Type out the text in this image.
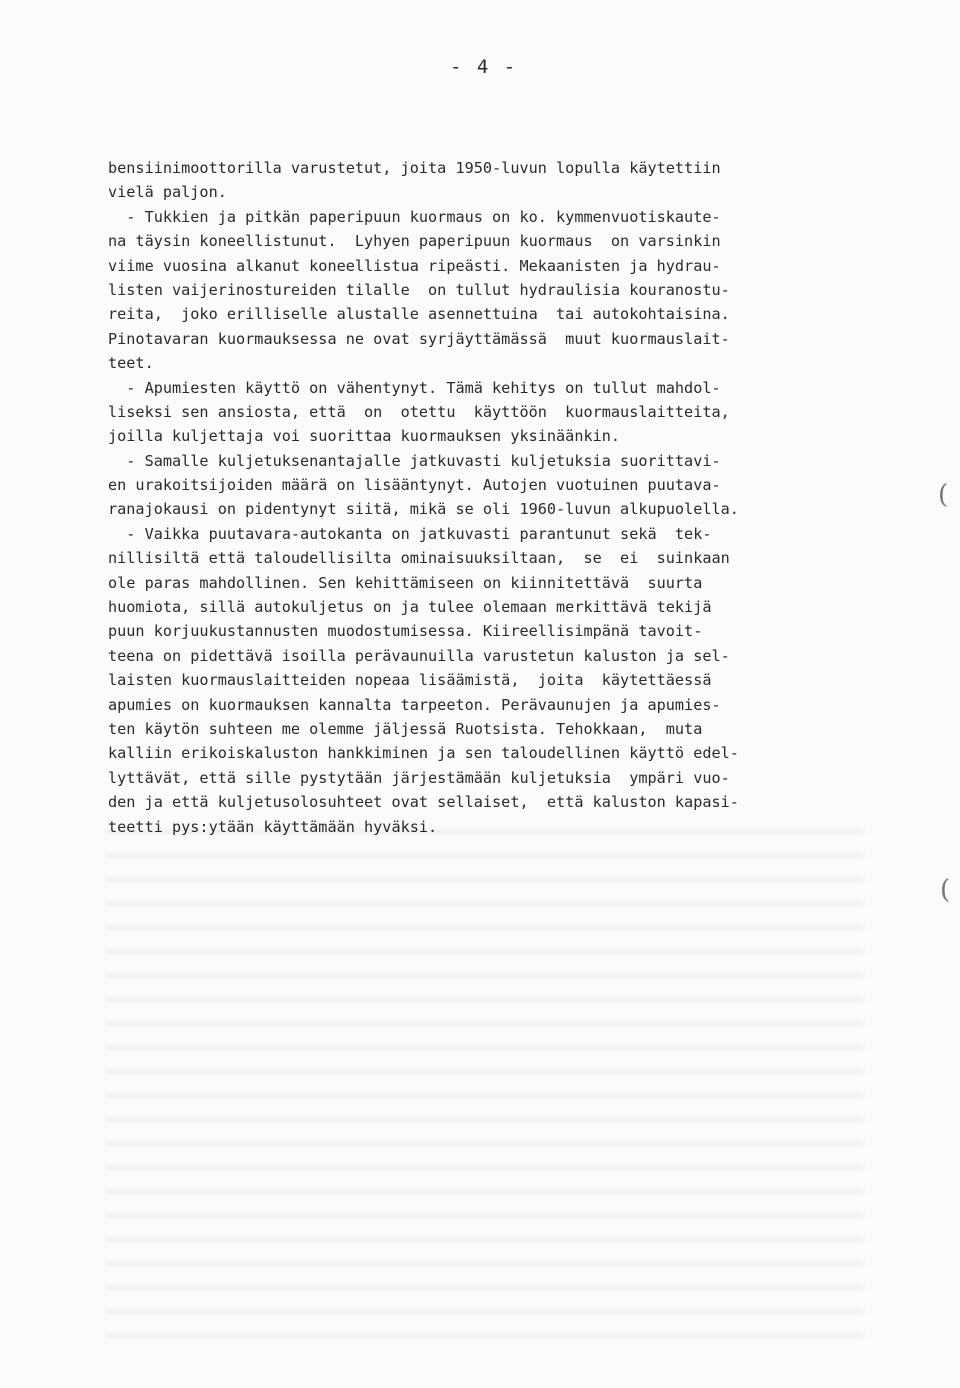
- 4 -
bensiinimoottorilla varustetut, joita 1950-luvun lopulla käytettiin
vielä paljon.
- Tukkien ja pitkän paperipuun kuormaus on ko. kymmenvuotiskaute-
na täysin koneellistunut.  Lyhyen paperipuun kuormaus  on varsinkin
viime vuosina alkanut koneellistua ripeästi. Mekaanisten ja hydrau-
listen vaijerinostureiden tilalle  on tullut hydraulisia kouranostu-
reita,  joko erilliselle alustalle asennettuina  tai autokohtaisina.
Pinotavaran kuormauksessa ne ovat syrjäyttämässä  muut kuormauslait-
teet.
- Apumiesten käyttö on vähentynyt. Tämä kehitys on tullut mahdol-
liseksi sen ansiosta, että  on  otettu  käyttöön  kuormauslaitteita,
joilla kuljettaja voi suorittaa kuormauksen yksinäänkin.
- Samalle kuljetuksenantajalle jatkuvasti kuljetuksia suorittavi-
en urakoitsijoiden määrä on lisääntynyt. Autojen vuotuinen puutava-
ranajokausi on pidentynyt siitä, mikä se oli 1960-luvun alkupuolella.
- Vaikka puutavara-autokanta on jatkuvasti parantunut sekä  tek-
nillisiltä että taloudellisilta ominaisuuksiltaan,  se  ei  suinkaan
ole paras mahdollinen. Sen kehittämiseen on kiinnitettävä  suurta
huomiota, sillä autokuljetus on ja tulee olemaan merkittävä tekijä
puun korjuukustannusten muodostumisessa. Kiireellisimpänä tavoit-
teena on pidettävä isoilla perävaunuilla varustetun kaluston ja sel-
laisten kuormauslaitteiden nopeaa lisäämistä,  joita  käytettäessä
apumies on kuormauksen kannalta tarpeeton. Perävaunujen ja apumies-
ten käytön suhteen me olemme jäljessä Ruotsista. Tehokkaan,  muta
kalliin erikoiskaluston hankkiminen ja sen taloudellinen käyttö edel-
lyttävät, että sille pystytään järjestämään kuljetuksia  ympäri vuo-
den ja että kuljetusolosuhteet ovat sellaiset,  että kaluston kapasi-
teetti pys:ytään käyttämään hyväksi.
(
(
